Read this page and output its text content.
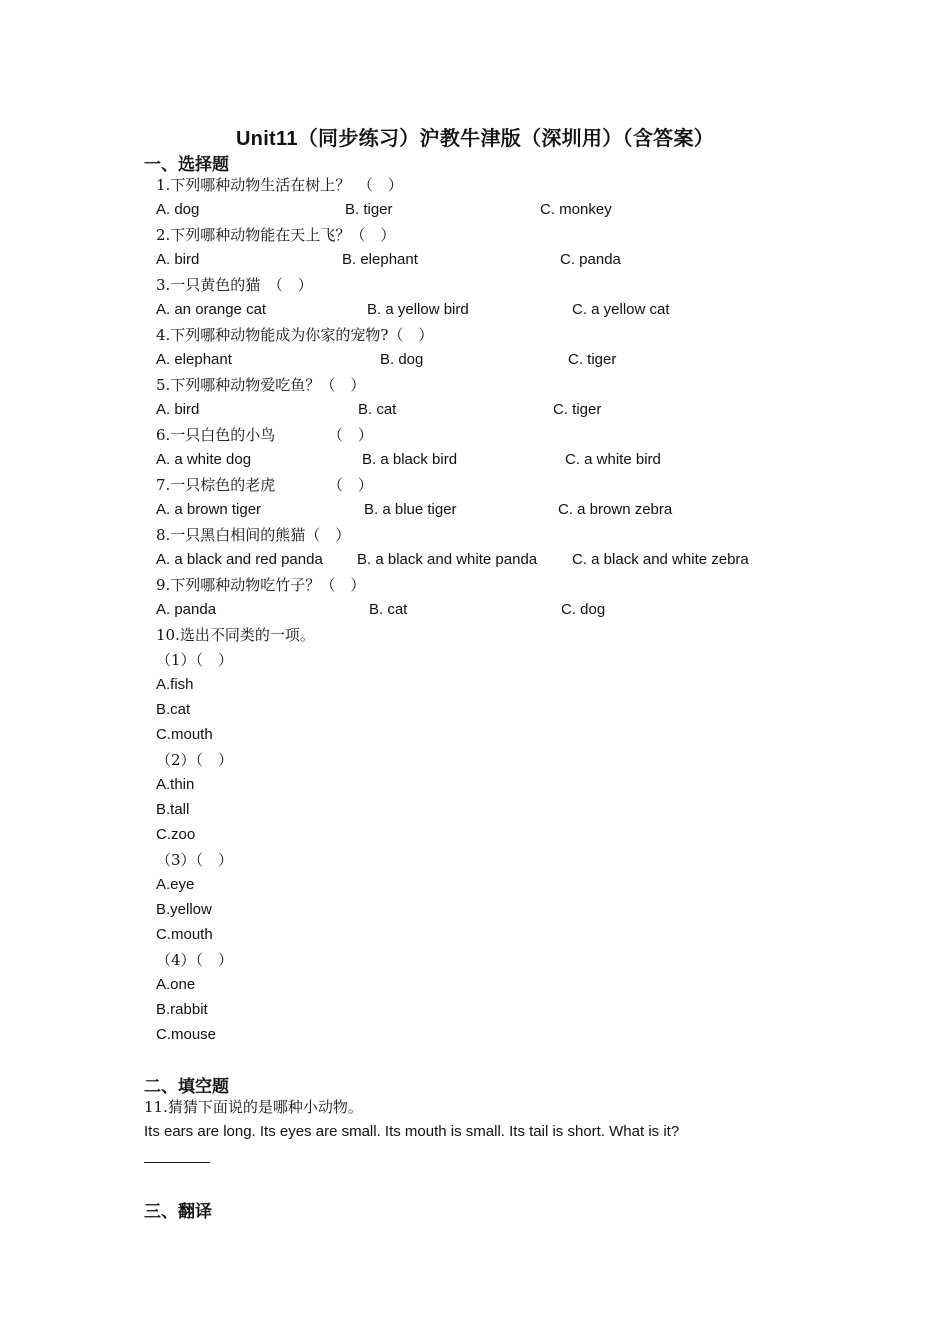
Unit11（同步练习）沪教牛津版（深圳用）（含答案）
一、选择题
1.下列哪种动物生活在树上？　（　）
A. dog	B. tiger	C. monkey
2.下列哪种动物能在天上飞？（　）
A. bird	B. elephant	C. panda
3.一只黄色的猫　（　）
A. an orange cat	B. a yellow bird	C. a yellow cat
4.下列哪种动物能成为你家的宠物?（　）
A. elephant	B. dog	C. tiger
5.下列哪种动物爱吃鱼？（　）
A. bird	B. cat	C. tiger
6.一只白色的小鸟　　　　（　）
A. a white dog	B. a black bird	C. a white bird
7.一只棕色的老虎　　　　（　）
A. a brown tiger	B. a blue tiger	C. a brown zebra
8.一只黑白相间的熊猫（　）
A. a black and red panda B. a black and white panda C. a black and white zebra
9.下列哪种动物吃竹子？（　）
A. panda	B. cat	C. dog
10.选出不同类的一项。
（1）（　）
A.fish
B.cat
C.mouth
（2）（　）
A.thin
B.tall
C.zoo
（3）（　）
A.eye
B.yellow
C.mouth
（4）（　）
A.one
B.rabbit
C.mouse
二、填空题
11.猜猜下面说的是哪种小动物。
Its ears are long. Its eyes are small. Its mouth is small. Its tail is short. What is it?
三、翻译
